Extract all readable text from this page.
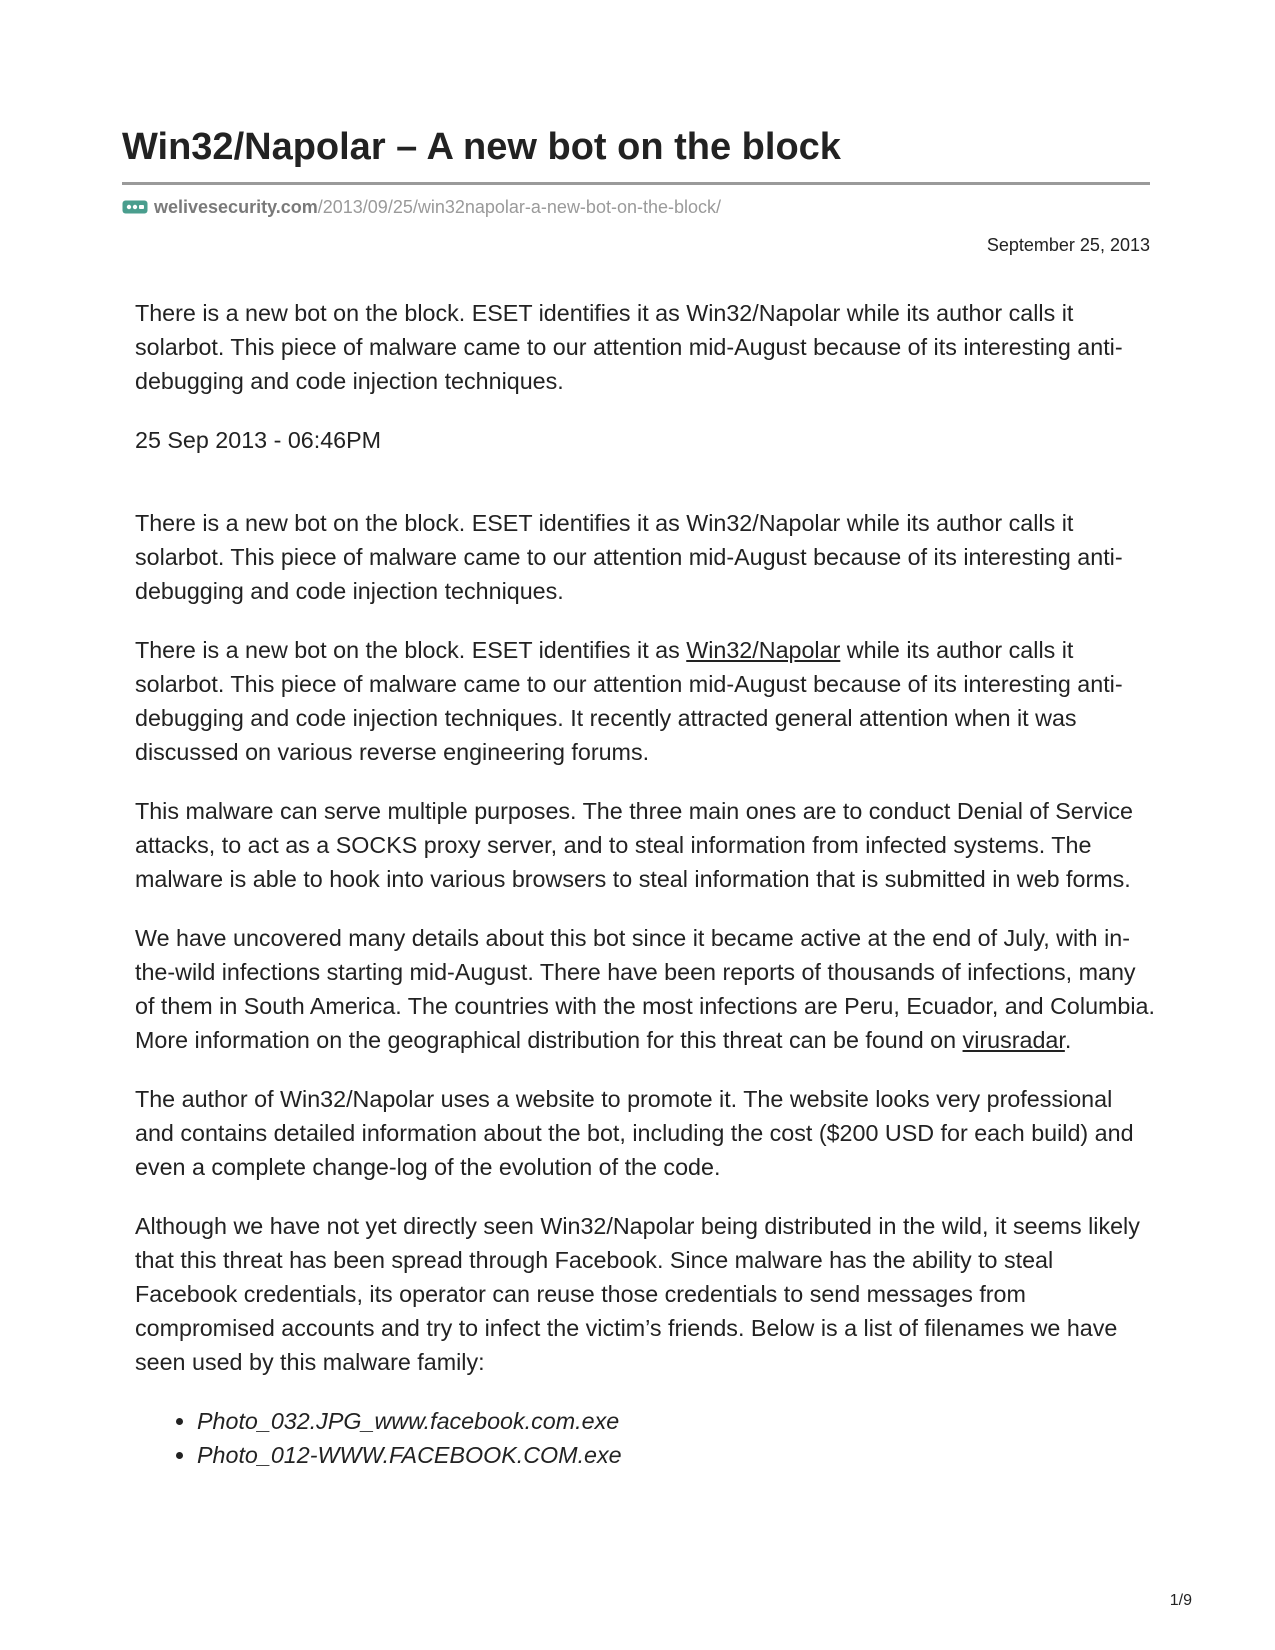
Win32/Napolar – A new bot on the block
welivesecurity.com /2013/09/25/win32napolar-a-new-bot-on-the-block/
September 25, 2013

There is a new bot on the block. ESET identifies it as Win32/Napolar while its author calls it solarbot. This piece of malware came to our attention mid-August because of its interesting anti-debugging and code injection techniques.

25 Sep 2013 - 06:46PM

There is a new bot on the block. ESET identifies it as Win32/Napolar while its author calls it solarbot. This piece of malware came to our attention mid-August because of its interesting anti-debugging and code injection techniques.

There is a new bot on the block. ESET identifies it as Win32/Napolar while its author calls it solarbot. This piece of malware came to our attention mid-August because of its interesting anti-debugging and code injection techniques. It recently attracted general attention when it was discussed on various reverse engineering forums.

This malware can serve multiple purposes. The three main ones are to conduct Denial of Service attacks, to act as a SOCKS proxy server, and to steal information from infected systems. The malware is able to hook into various browsers to steal information that is submitted in web forms.

We have uncovered many details about this bot since it became active at the end of July, with in-the-wild infections starting mid-August. There have been reports of thousands of infections, many of them in South America. The countries with the most infections are Peru, Ecuador, and Columbia. More information on the geographical distribution for this threat can be found on virusradar.

The author of Win32/Napolar uses a website to promote it. The website looks very professional and contains detailed information about the bot, including the cost ($200 USD for each build) and even a complete change-log of the evolution of the code.

Although we have not yet directly seen Win32/Napolar being distributed in the wild, it seems likely that this threat has been spread through Facebook. Since malware has the ability to steal Facebook credentials, its operator can reuse those credentials to send messages from compromised accounts and try to infect the victim’s friends. Below is a list of filenames we have seen used by this malware family:

• Photo_032.JPG_www.facebook.com.exe
• Photo_012-WWW.FACEBOOK.COM.exe
1/9
